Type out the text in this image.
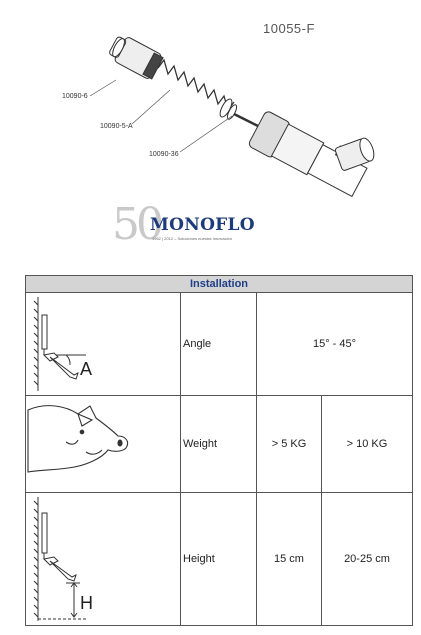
10055-F
10090-6
10090-5-A
10090-36
50
MONOFLO
1962 | 2012 – Soluciones nuestra Innovación
Installation			

A	Angle	15° - 45°	

	Weight	> 5 KG	> 10 KG

H	Height	15 cm	20-25 cm
